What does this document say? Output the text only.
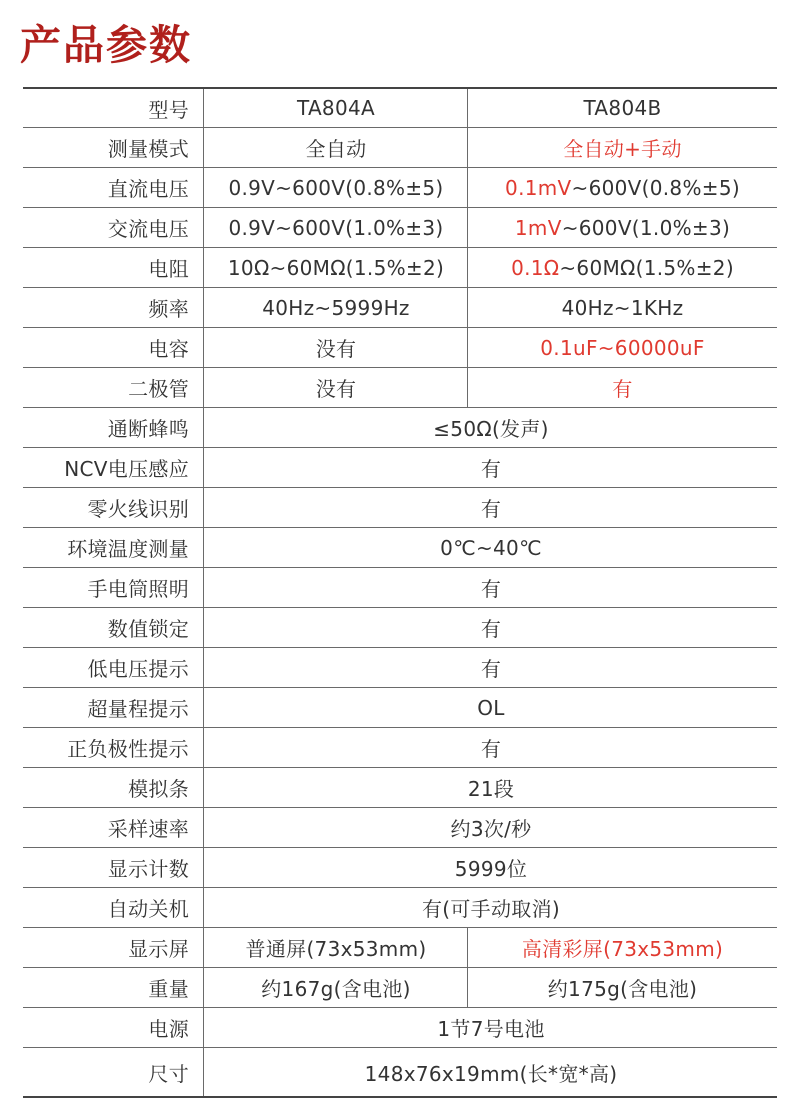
产品参数
型号	TA804A	TA804B
测量模式	全自动	全自动+手动
直流电压	0.9V~600V(0.8%±5)	0.1mV ~600V(0.8%±5)
交流电压	0.9V~600V(1.0%±3)	1mV ~600V(1.0%±3)
电阻	10Ω~60MΩ(1.5%±2)	0.1Ω ~60MΩ(1.5%±2)
频率	40Hz~5999Hz	40Hz~1KHz
电容	没有	0.1uF~60000uF
二极管	没有	有
通断蜂鸣	≤50Ω(发声)
NCV电压感应	有
零火线识别	有
环境温度测量	0℃~40℃
手电筒照明	有
数值锁定	有
低电压提示	有
超量程提示	OL
正负极性提示	有
模拟条	21段
采样速率	约3次/秒
显示计数	5999位
自动关机	有(可手动取消)
显示屏	普通屏(73x53mm)	高清彩屏(73x53mm)
重量	约167g(含电池)	约175g(含电池)
电源	1节7号电池
尺寸	148x76x19mm(长*宽*高)
